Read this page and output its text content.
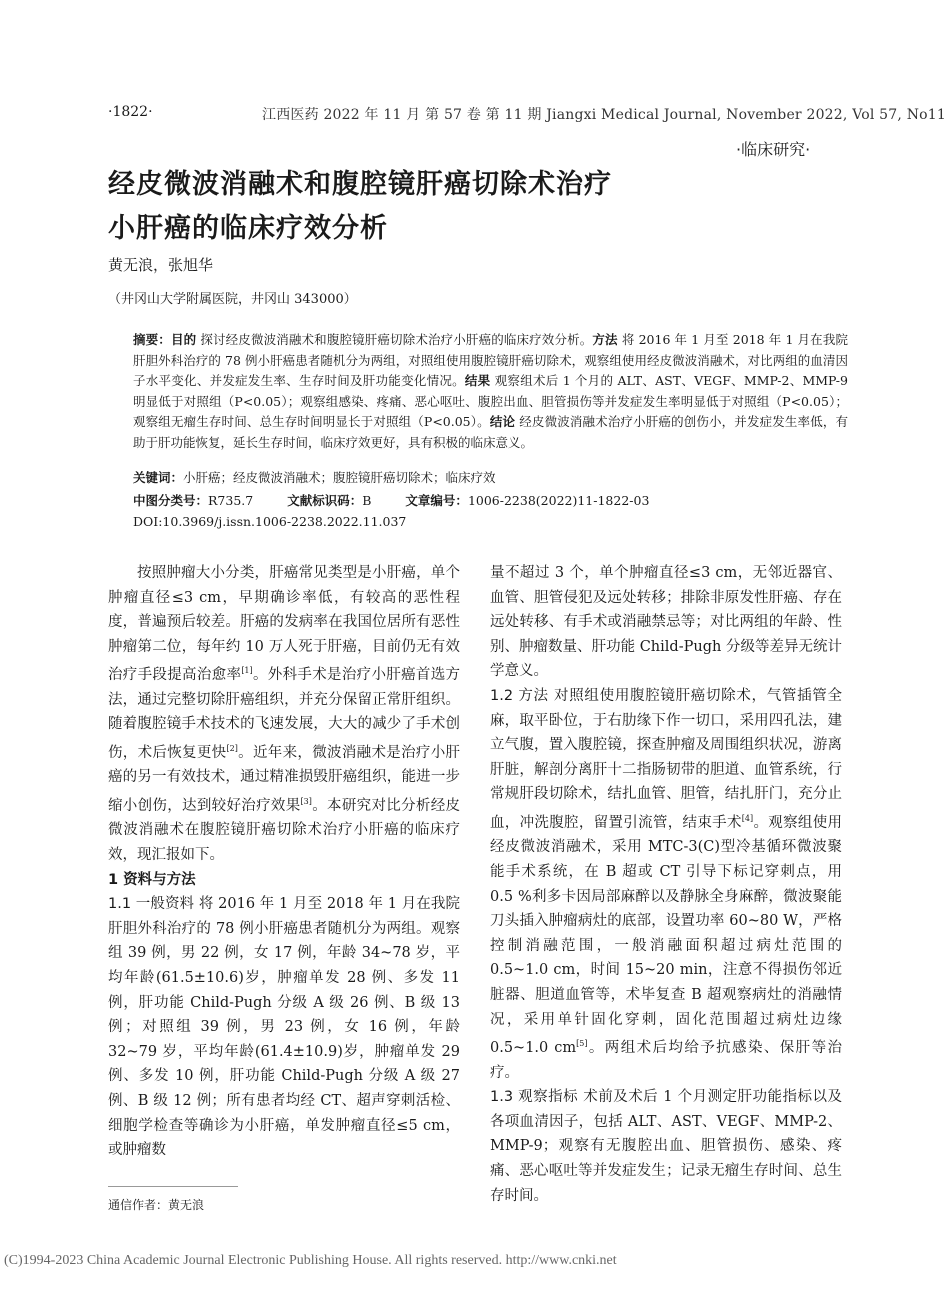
·1822·	江西医药 2022 年 11 月 第 57 卷 第 11 期 Jiangxi Medical Journal, November 2022, Vol 57, No11
·临床研究·
经皮微波消融术和腹腔镜肝癌切除术治疗
小肝癌的临床疗效分析
黄无浪，张旭华
（井冈山大学附属医院，井冈山 343000）
摘要：目的 探讨经皮微波消融术和腹腔镜肝癌切除术治疗小肝癌的临床疗效分析。方法 将 2016 年 1 月至 2018 年 1 月在我院肝胆外科治疗的 78 例小肝癌患者随机分为两组，对照组使用腹腔镜肝癌切除术，观察组使用经皮微波消融术，对比两组的血清因子水平变化、并发症发生率、生存时间及肝功能变化情况。结果 观察组术后 1 个月的 ALT、AST、VEGF、MMP-2、MMP-9 明显低于对照组（P<0.05）；观察组感染、疼痛、恶心呕吐、腹腔出血、胆管损伤等并发症发生率明显低于对照组（P<0.05）；观察组无瘤生存时间、总生存时间明显长于对照组（P<0.05）。结论 经皮微波消融术治疗小肝癌的创伤小，并发症发生率低，有助于肝功能恢复，延长生存时间，临床疗效更好，具有积极的临床意义。
关键词：小肝癌；经皮微波消融术；腹腔镜肝癌切除术；临床疗效
中图分类号：R735.7	文献标识码：B	文章编号：1006-2238(2022)11-1822-03
DOI:10.3969/j.issn.1006-2238.2022.11.037

按照肿瘤大小分类，肝癌常见类型是小肝癌，单个肿瘤直径≤3 cm，早期确诊率低，有较高的恶性程度，普遍预后较差。肝癌的发病率在我国位居所有恶性肿瘤第二位，每年约 10 万人死于肝癌，目前仍无有效治疗手段提高治愈率[1]。外科手术是治疗小肝癌首选方法，通过完整切除肝癌组织，并充分保留正常肝组织。随着腹腔镜手术技术的飞速发展，大大的减少了手术创伤，术后恢复更快[2]。近年来，微波消融术是治疗小肝癌的另一有效技术，通过精准损毁肝癌组织，能进一步缩小创伤，达到较好治疗效果[3]。本研究对比分析经皮微波消融术在腹腔镜肝癌切除术治疗小肝癌的临床疗效，现汇报如下。

1 资料与方法

1.1 一般资料 将 2016 年 1 月至 2018 年 1 月在我院肝胆外科治疗的 78 例小肝癌患者随机分为两组。观察组 39 例，男 22 例，女 17 例，年龄 34~78 岁，平均年龄(61.5±10.6)岁，肿瘤单发 28 例、多发 11 例，肝功能 Child-Pugh 分级 A 级 26 例、B 级 13 例；对照组 39 例，男 23 例，女 16 例，年龄 32~79 岁，平均年龄(61.4±10.9)岁，肿瘤单发 29 例、多发 10 例，肝功能 Child-Pugh 分级 A 级 27 例、B 级 12 例；所有患者均经 CT、超声穿刺活检、细胞学检查等确诊为小肝癌，单发肿瘤直径≤5 cm，或肿瘤数

量不超过 3 个，单个肿瘤直径≤3 cm，无邻近器官、血管、胆管侵犯及远处转移；排除非原发性肝癌、存在远处转移、有手术或消融禁忌等；对比两组的年龄、性别、肿瘤数量、肝功能 Child-Pugh 分级等差异无统计学意义。

1.2 方法 对照组使用腹腔镜肝癌切除术，气管插管全麻，取平卧位，于右肋缘下作一切口，采用四孔法，建立气腹，置入腹腔镜，探查肿瘤及周围组织状况，游离肝脏，解剖分离肝十二指肠韧带的胆道、血管系统，行常规肝段切除术，结扎血管、胆管，结扎肝门，充分止血，冲洗腹腔，留置引流管，结束手术[4]。观察组使用经皮微波消融术，采用 MTC-3(C)型冷基循环微波聚能手术系统，在 B 超或 CT 引导下标记穿刺点，用 0.5 %利多卡因局部麻醉以及静脉全身麻醉，微波聚能刀头插入肿瘤病灶的底部，设置功率 60~80 W，严格控制消融范围，一般消融面积超过病灶范围的 0.5~1.0 cm，时间 15~20 min，注意不得损伤邻近脏器、胆道血管等，术毕复查 B 超观察病灶的消融情况，采用单针固化穿刺，固化范围超过病灶边缘 0.5~1.0 cm[5]。两组术后均给予抗感染、保肝等治疗。

1.3 观察指标 术前及术后 1 个月测定肝功能指标以及各项血清因子，包括 ALT、AST、VEGF、MMP-2、MMP-9；观察有无腹腔出血、胆管损伤、感染、疼痛、恶心呕吐等并发症发生；记录无瘤生存时间、总生存时间。

通信作者：黄无浪
(C)1994-2023 China Academic Journal Electronic Publishing House. All rights reserved. http://www.cnki.net
